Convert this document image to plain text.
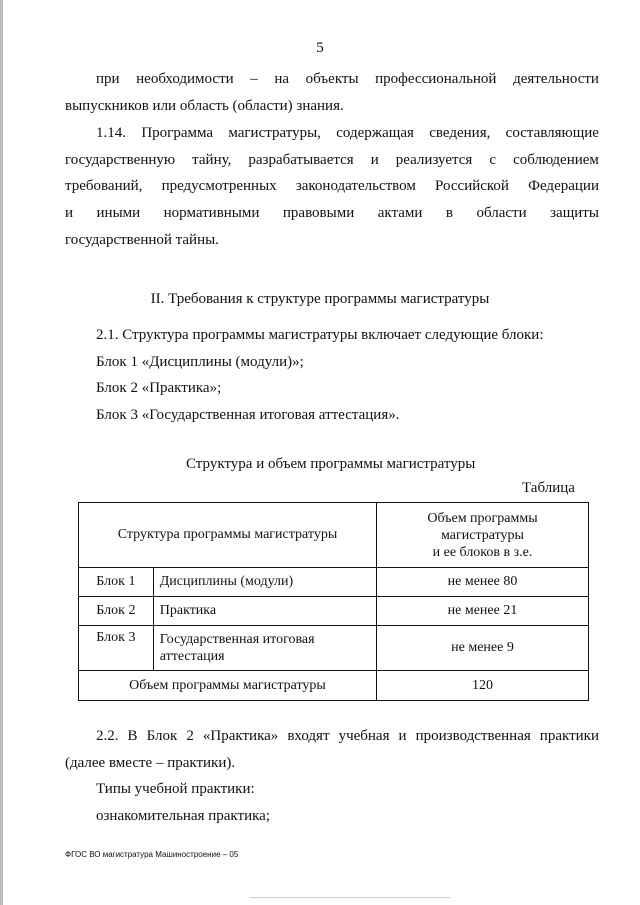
5
при необходимости – на объекты профессиональной деятельности
выпускников или область (области) знания.
1.14. Программа магистратуры, содержащая сведения, составляющие
государственную тайну, разрабатывается и реализуется с соблюдением
требований, предусмотренных законодательством Российской Федерации
и иными нормативными правовыми актами в области защиты
государственной тайны.
II. Требования к структуре программы магистратуры
2.1. Структура программы магистратуры включает следующие блоки:
Блок 1 «Дисциплины (модули)»;
Блок 2 «Практика»;
Блок 3 «Государственная итоговая аттестация».
Структура и объем программы магистратуры
Таблица
Структура программы магистратуры		Объем программы
магистратуры
и ее блоков в з.е.

Блок 1	Дисциплины (модули)	не менее 80
Блок 2	Практика	не менее 21
Блок 3	Государственная итоговая аттестация	не менее 9
Объем программы магистратуры		120
2.2. В Блок 2 «Практика» входят учебная и производственная практики
(далее вместе – практики).
Типы учебной практики:
ознакомительная практика;
ФГОС ВО магистратура Машиностроение – 05
